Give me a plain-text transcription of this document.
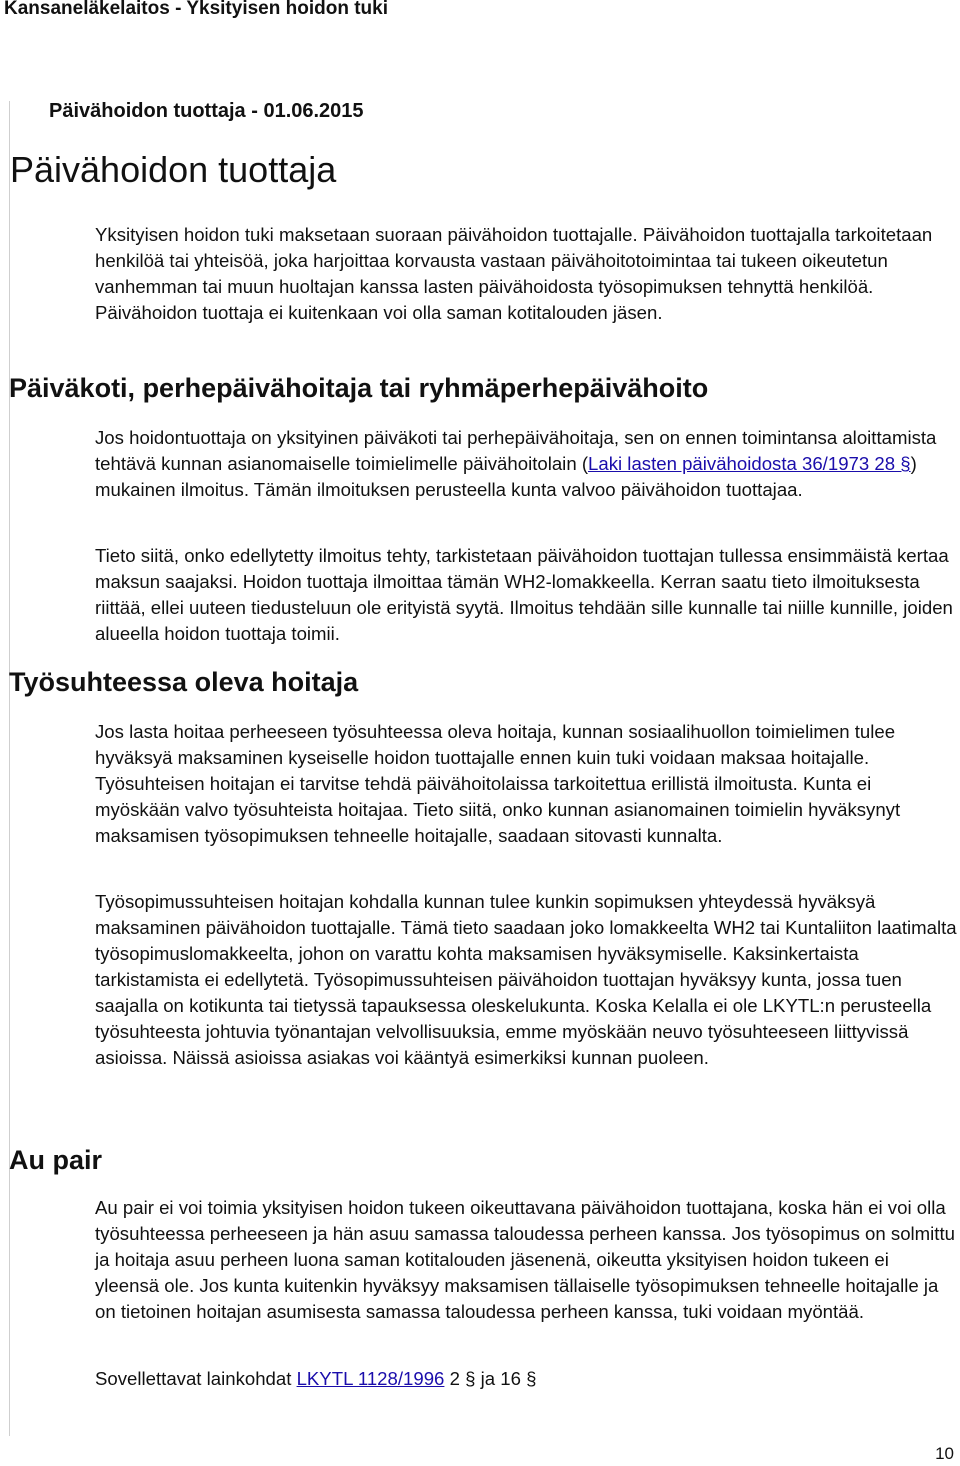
Kansaneläkelaitos - Yksityisen hoidon tuki
Päivähoidon tuottaja - 01.06.2015
Päivähoidon tuottaja

Yksityisen hoidon tuki maksetaan suoraan päivähoidon tuottajalle. Päivähoidon tuottajalla tarkoitetaan henkilöä tai yhteisöä, joka harjoittaa korvausta vastaan päivähoitotoimintaa tai tukeen oikeutetun vanhemman tai muun huoltajan kanssa lasten päivähoidosta työsopimuksen tehnyttä henkilöä. Päivähoidon tuottaja ei kuitenkaan voi olla saman kotitalouden jäsen.

Päiväkoti, perhepäivähoitaja tai ryhmäperhepäivähoito

Jos hoidontuottaja on yksityinen päiväkoti tai perhepäivähoitaja, sen on ennen toimintansa aloittamista tehtävä kunnan asianomaiselle toimielimelle päivähoitolain (Laki lasten päivähoidosta 36/1973 28 §) mukainen ilmoitus. Tämän ilmoituksen perusteella kunta valvoo päivähoidon tuottajaa.

Tieto siitä, onko edellytetty ilmoitus tehty, tarkistetaan päivähoidon tuottajan tullessa ensimmäistä kertaa maksun saajaksi. Hoidon tuottaja ilmoittaa tämän WH2-lomakkeella. Kerran saatu tieto ilmoituksesta riittää, ellei uuteen tiedusteluun ole erityistä syytä. Ilmoitus tehdään sille kunnalle tai niille kunnille, joiden alueella hoidon tuottaja toimii.

Työsuhteessa oleva hoitaja

Jos lasta hoitaa perheeseen työsuhteessa oleva hoitaja, kunnan sosiaalihuollon toimielimen tulee hyväksyä maksaminen kyseiselle hoidon tuottajalle ennen kuin tuki voidaan maksaa hoitajalle. Työsuhteisen hoitajan ei tarvitse tehdä päivähoitolaissa tarkoitettua erillistä ilmoitusta. Kunta ei myöskään valvo työsuhteista hoitajaa. Tieto siitä, onko kunnan asianomainen toimielin hyväksynyt maksamisen työsopimuksen tehneelle hoitajalle, saadaan sitovasti kunnalta.

Työsopimussuhteisen hoitajan kohdalla kunnan tulee kunkin sopimuksen yhteydessä hyväksyä maksaminen päivähoidon tuottajalle. Tämä tieto saadaan joko lomakkeelta WH2 tai Kuntaliiton laatimalta työsopimuslomakkeelta, johon on varattu kohta maksamisen hyväksymiselle. Kaksinkertaista tarkistamista ei edellytetä. Työsopimussuhteisen päivähoidon tuottajan hyväksyy kunta, jossa tuen saajalla on kotikunta tai tietyssä tapauksessa oleskelukunta. Koska Kelalla ei ole LKYTL:n perusteella työsuhteesta johtuvia työnantajan velvollisuuksia, emme myöskään neuvo työsuhteeseen liittyvissä asioissa. Näissä asioissa asiakas voi kääntyä esimerkiksi kunnan puoleen.

Au pair

Au pair ei voi toimia yksityisen hoidon tukeen oikeuttavana päivähoidon tuottajana, koska hän ei voi olla työsuhteessa perheeseen ja hän asuu samassa taloudessa perheen kanssa. Jos työsopimus on solmittu ja hoitaja asuu perheen luona saman kotitalouden jäsenenä, oikeutta yksityisen hoidon tukeen ei yleensä ole. Jos kunta kuitenkin hyväksyy maksamisen tällaiselle työsopimuksen tehneelle hoitajalle ja on tietoinen hoitajan asumisesta samassa taloudessa perheen kanssa, tuki voidaan myöntää.

Sovellettavat lainkohdat LKYTL 1128/1996 2 § ja 16 §

10
